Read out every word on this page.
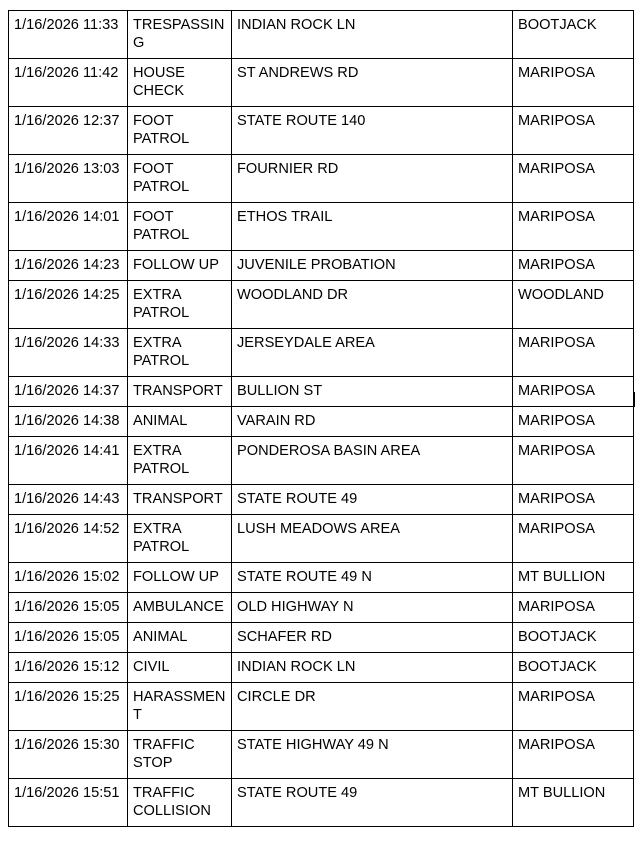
1/16/2026 11:33	TRESPASSIN G	INDIAN ROCK LN	BOOTJACK
1/16/2026 11:42	HOUSE CHECK	ST ANDREWS RD	MARIPOSA
1/16/2026 12:37	FOOT PATROL	STATE ROUTE 140	MARIPOSA
1/16/2026 13:03	FOOT PATROL	FOURNIER RD	MARIPOSA
1/16/2026 14:01	FOOT PATROL	ETHOS TRAIL	MARIPOSA
1/16/2026 14:23	FOLLOW UP	JUVENILE PROBATION	MARIPOSA
1/16/2026 14:25	EXTRA PATROL	WOODLAND DR	WOODLAND
1/16/2026 14:33	EXTRA PATROL	JERSEYDALE AREA	MARIPOSA
1/16/2026 14:37	TRANSPORT	BULLION ST	MARIPOSA
1/16/2026 14:38	ANIMAL	VARAIN RD	MARIPOSA
1/16/2026 14:41	EXTRA PATROL	PONDEROSA BASIN AREA	MARIPOSA
1/16/2026 14:43	TRANSPORT	STATE ROUTE 49	MARIPOSA
1/16/2026 14:52	EXTRA PATROL	LUSH MEADOWS AREA	MARIPOSA
1/16/2026 15:02	FOLLOW UP	STATE ROUTE 49 N	MT BULLION
1/16/2026 15:05	AMBULANCE	OLD HIGHWAY N	MARIPOSA
1/16/2026 15:05	ANIMAL	SCHAFER RD	BOOTJACK
1/16/2026 15:12	CIVIL	INDIAN ROCK LN	BOOTJACK
1/16/2026 15:25	HARASSMEN T	CIRCLE DR	MARIPOSA
1/16/2026 15:30	TRAFFIC STOP	STATE HIGHWAY 49 N	MARIPOSA
1/16/2026 15:51	TRAFFIC COLLISION	STATE ROUTE 49	MT BULLION
